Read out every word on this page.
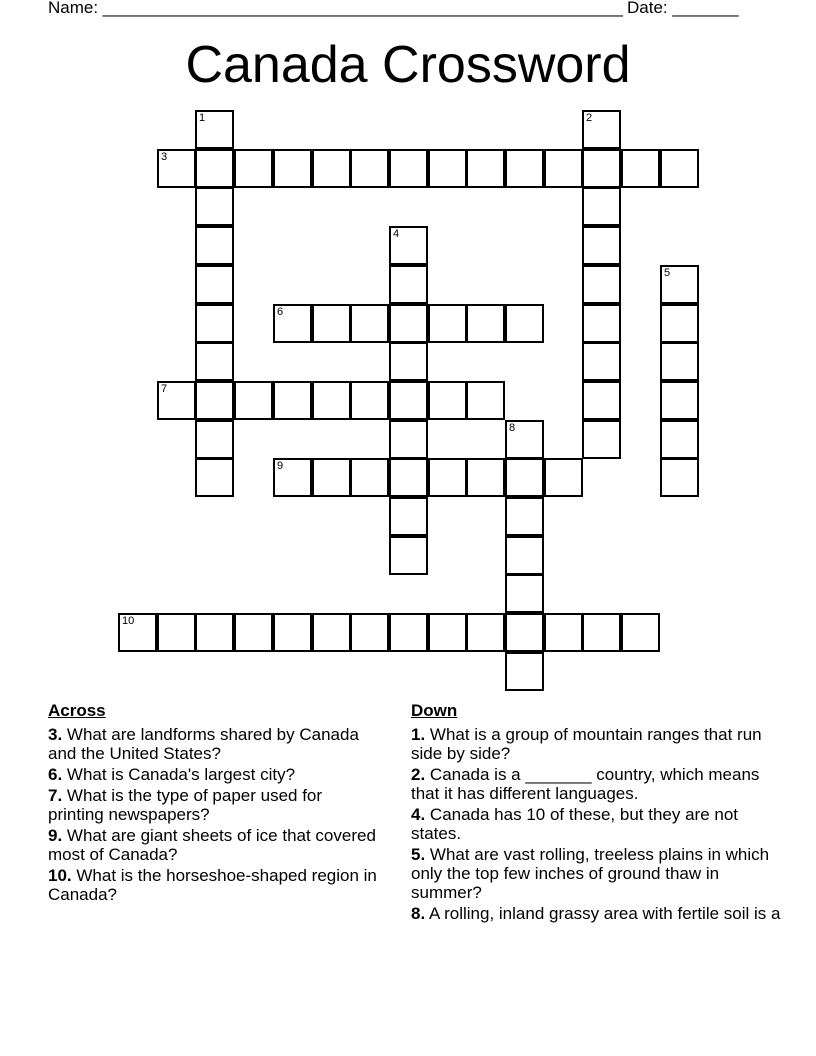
Name: _______________________________________________________ Date: _______
Canada Crossword
1	2
3
4
5
6
7
8
9
10
Across
3. What are landforms shared by Canada and the United States?
6. What is Canada's largest city?
7. What is the type of paper used for printing newspapers?
9. What are giant sheets of ice that covered most of Canada?
10. What is the horseshoe-shaped region in Canada?
Down
1. What is a group of mountain ranges that run side by side?
2. Canada is a _______ country, which means that it has different languages.
4. Canada has 10 of these, but they are not states.
5. What are vast rolling, treeless plains in which only the top few inches of ground thaw in summer?
8. A rolling, inland grassy area with fertile soil is a
